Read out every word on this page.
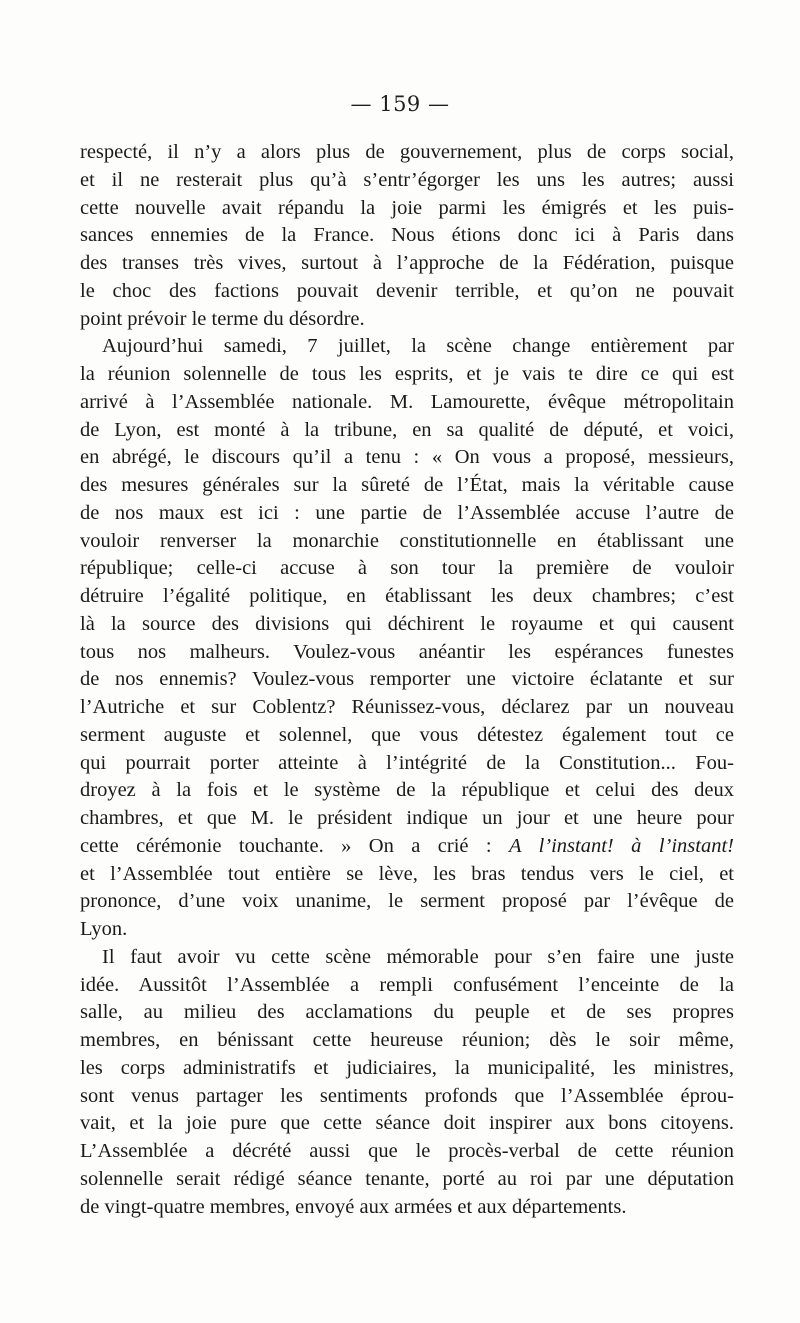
— 159 —
respecté, il n’y a alors plus de gouvernement, plus de corps social,
et il ne resterait plus qu’à s’entr’égorger les uns les autres; aussi
cette nouvelle avait répandu la joie parmi les émigrés et les puis-
sances ennemies de la France. Nous étions donc ici à Paris dans
des transes très vives, surtout à l’approche de la Fédération, puisque
le choc des factions pouvait devenir terrible, et qu’on ne pouvait
point prévoir le terme du désordre.
Aujourd’hui samedi, 7 juillet, la scène change entièrement par
la réunion solennelle de tous les esprits, et je vais te dire ce qui est
arrivé à l’Assemblée nationale. M. Lamourette, évêque métropolitain
de Lyon, est monté à la tribune, en sa qualité de député, et voici,
en abrégé, le discours qu’il a tenu : « On vous a proposé, messieurs,
des mesures générales sur la sûreté de l’État, mais la véritable cause
de nos maux est ici : une partie de l’Assemblée accuse l’autre de
vouloir renverser la monarchie constitutionnelle en établissant une
république; celle-ci accuse à son tour la première de vouloir
détruire l’égalité politique, en établissant les deux chambres; c’est
là la source des divisions qui déchirent le royaume et qui causent
tous nos malheurs. Voulez-vous anéantir les espérances funestes
de nos ennemis? Voulez-vous remporter une victoire éclatante et sur
l’Autriche et sur Coblentz? Réunissez-vous, déclarez par un nouveau
serment auguste et solennel, que vous détestez également tout ce
qui pourrait porter atteinte à l’intégrité de la Constitution... Fou-
droyez à la fois et le système de la république et celui des deux
chambres, et que M. le président indique un jour et une heure pour
cette cérémonie touchante. » On a crié : A l’instant! à l’instant!
et l’Assemblée tout entière se lève, les bras tendus vers le ciel, et
prononce, d’une voix unanime, le serment proposé par l’évêque de
Lyon.
Il faut avoir vu cette scène mémorable pour s’en faire une juste
idée. Aussitôt l’Assemblée a rempli confusément l’enceinte de la
salle, au milieu des acclamations du peuple et de ses propres
membres, en bénissant cette heureuse réunion; dès le soir même,
les corps administratifs et judiciaires, la municipalité, les ministres,
sont venus partager les sentiments profonds que l’Assemblée éprou-
vait, et la joie pure que cette séance doit inspirer aux bons citoyens.
L’Assemblée a décrété aussi que le procès-verbal de cette réunion
solennelle serait rédigé séance tenante, porté au roi par une députation
de vingt-quatre membres, envoyé aux armées et aux départements.
